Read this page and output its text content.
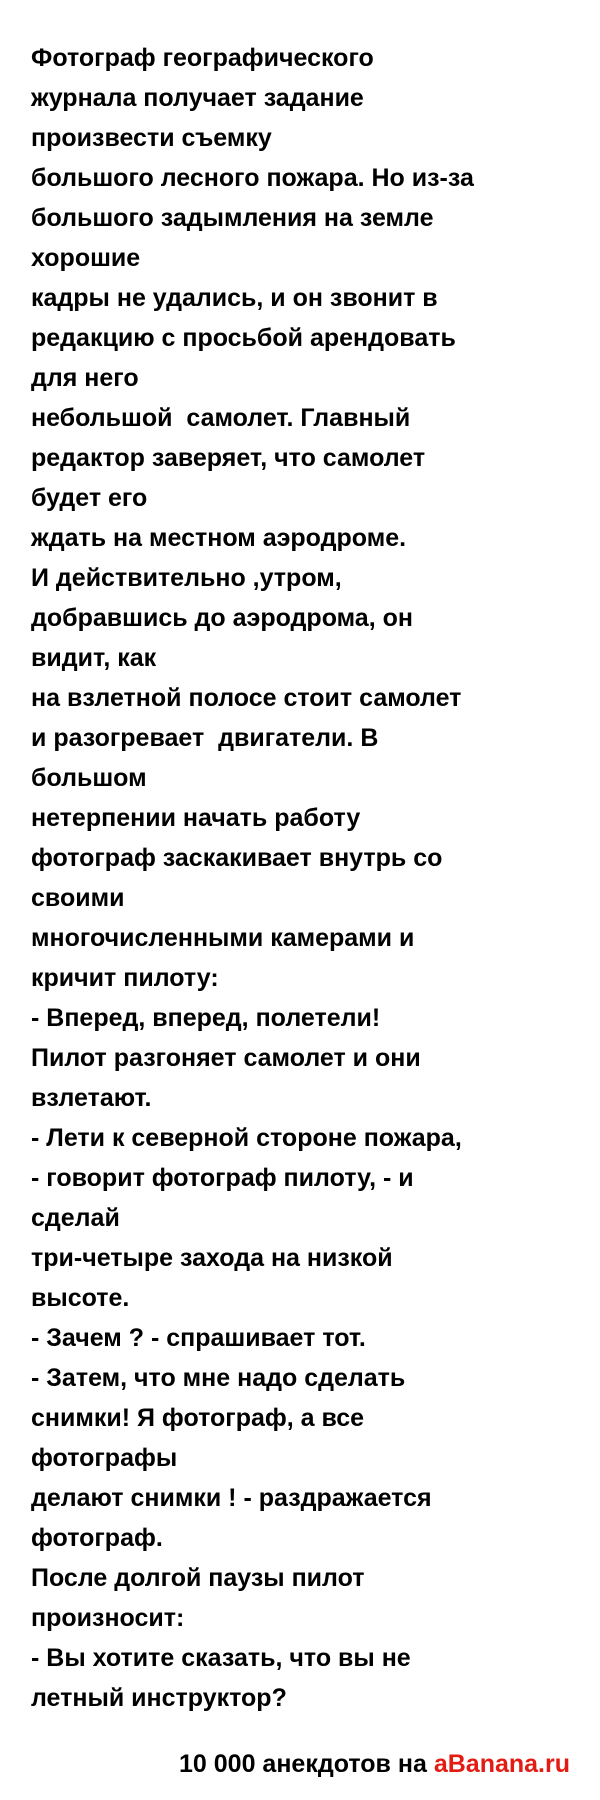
Фотограф географического
журнала получает задание
произвести съемку
большого лесного пожара. Но из-за
большого задымления на земле
хорошие
кадры не удались, и он звонит в
редакцию с просьбой арендовать
для него
небольшой  самолет. Главный
редактор заверяет, что самолет
будет его
ждать на местном аэродроме.
И действительно ,утром,
добравшись до аэродрома, он
видит, как
на взлетной полосе стоит самолет
и разогревает  двигатели. В
большом
нетерпении начать работу
фотограф заскакивает внутрь со
своими
многочисленными камерами и
кричит пилоту:
- Вперед, вперед, полетели!
Пилот разгоняет самолет и они
взлетают.
- Лети к северной стороне пожара,
- говорит фотограф пилоту, - и
сделай
три-четыре захода на низкой
высоте.
- Зачем ? - спрашивает тот.
- Затем, что мне надо сделать
снимки! Я фотограф, а все
фотографы
делают снимки ! - раздражается
фотограф.
После долгой паузы пилот
произносит:
- Вы хотите сказать, что вы не
летный инструктор?
10 000 анекдотов на aBanana.ru
